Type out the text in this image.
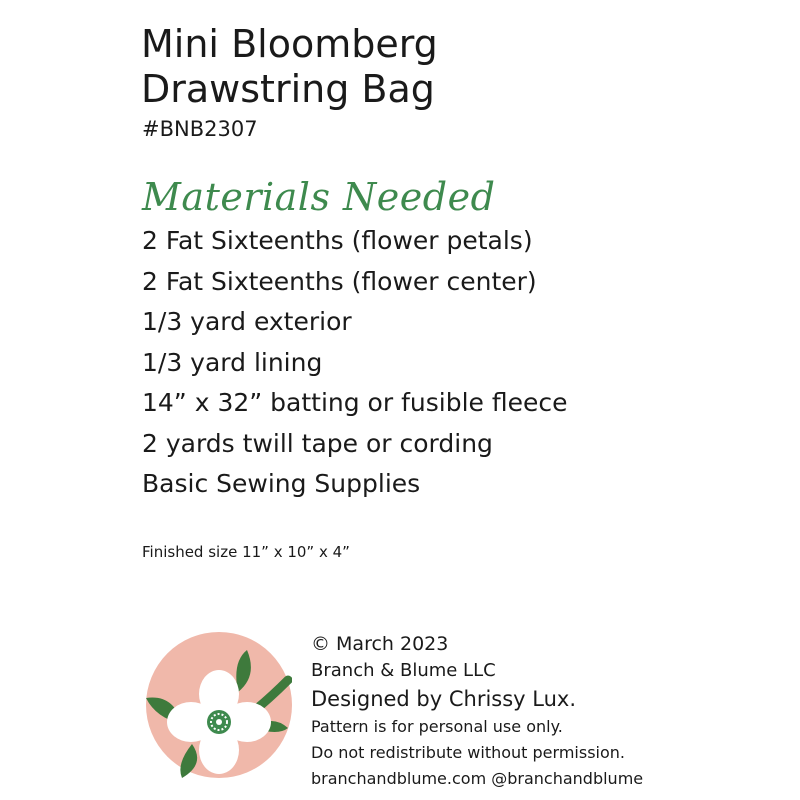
Mini Bloomberg
Drawstring Bag
#BNB2307
Materials Needed
2 Fat Sixteenths (flower petals)
2 Fat Sixteenths (flower center)
1/3 yard exterior
1/3 yard lining
14” x 32” batting or fusible fleece
2 yards twill tape or cording
Basic Sewing Supplies
Finished size 11” x 10” x 4”
© March 2023
Branch & Blume LLC
Designed by Chrissy Lux.
Pattern is for personal use only.
Do not redistribute without permission.
branchandblume.com @branchandblume
